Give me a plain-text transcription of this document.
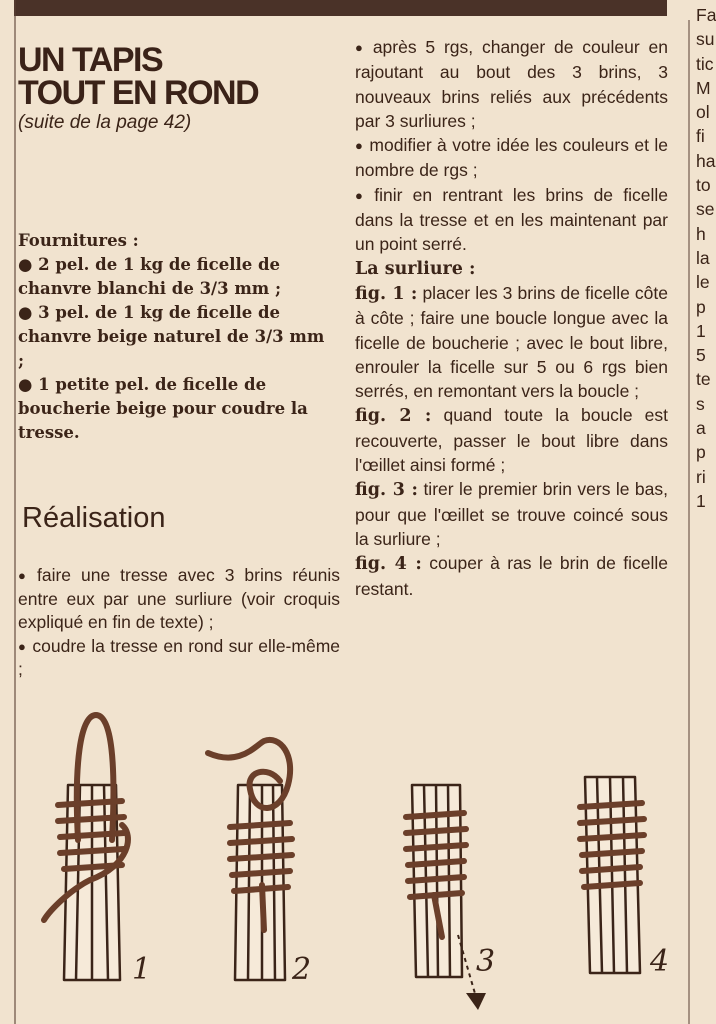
UN TAPIS
TOUT EN ROND
(suite de la page 42)

Fournitures :

● 2 pel. de 1 kg de ficelle de chanvre blanchi de 3/3 mm ;

● 3 pel. de 1 kg de ficelle de chanvre beige naturel de 3/3 mm ;

● 1 petite pel. de ficelle de boucherie beige pour coudre la tresse.

Réalisation

● faire une tresse avec 3 brins réunis entre eux par une surliure (voir croquis expliqué en fin de texte) ;

● coudre la tresse en rond sur elle-même ;

● après 5 rgs, changer de couleur en rajoutant au bout des 3 brins, 3 nouveaux brins reliés aux précédents par 3 surliures ;

● modifier à votre idée les couleurs et le nombre de rgs ;

● finir en rentrant les brins de ficelle dans la tresse et en les maintenant par un point serré.

La surliure :

fig. 1 : placer les 3 brins de ficelle côte à côte ; faire une boucle longue avec la ficelle de boucherie ; avec le bout libre, enrouler la ficelle sur 5 ou 6 rgs bien serrés, en remontant vers la boucle ;

fig. 2 : quand toute la boucle est recouverte, passer le bout libre dans l'œillet ainsi formé ;

fig. 3 : tirer le premier brin vers le bas, pour que l'œillet se trouve coincé sous la surliure ;

fig. 4 : couper à ras le brin de ficelle restant.

Fa
su
tic
M
ol
fi
ha
to
se
h
la
le
p
1
5
te
s
a
p
ri
1
1	2	3	4
